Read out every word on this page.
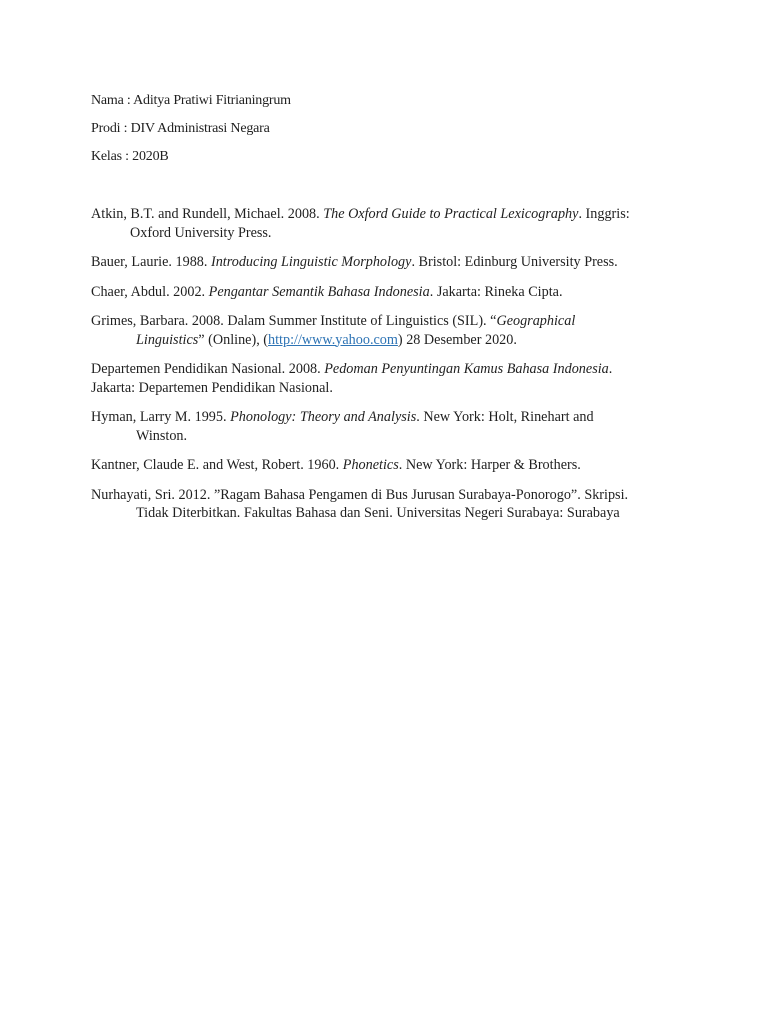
Nama : Aditya Pratiwi Fitrianingrum
Prodi : DIV Administrasi Negara
Kelas : 2020B
Atkin, B.T. and Rundell, Michael. 2008. The Oxford Guide to Practical Lexicography. Inggris:
Oxford University Press.
Bauer, Laurie. 1988. Introducing Linguistic Morphology. Bristol: Edinburg University Press.
Chaer, Abdul. 2002. Pengantar Semantik Bahasa Indonesia. Jakarta: Rineka Cipta.
Grimes, Barbara. 2008. Dalam Summer Institute of Linguistics (SIL). “Geographical
Linguistics” (Online), (http://www.yahoo.com) 28 Desember 2020.
Departemen Pendidikan Nasional. 2008. Pedoman Penyuntingan Kamus Bahasa Indonesia.
Jakarta: Departemen Pendidikan Nasional.
Hyman, Larry M. 1995. Phonology: Theory and Analysis. New York: Holt, Rinehart and
Winston.
Kantner, Claude E. and West, Robert. 1960. Phonetics. New York: Harper & Brothers.
Nurhayati, Sri. 2012. ”Ragam Bahasa Pengamen di Bus Jurusan Surabaya-Ponorogo”. Skripsi.
Tidak Diterbitkan. Fakultas Bahasa dan Seni. Universitas Negeri Surabaya: Surabaya
